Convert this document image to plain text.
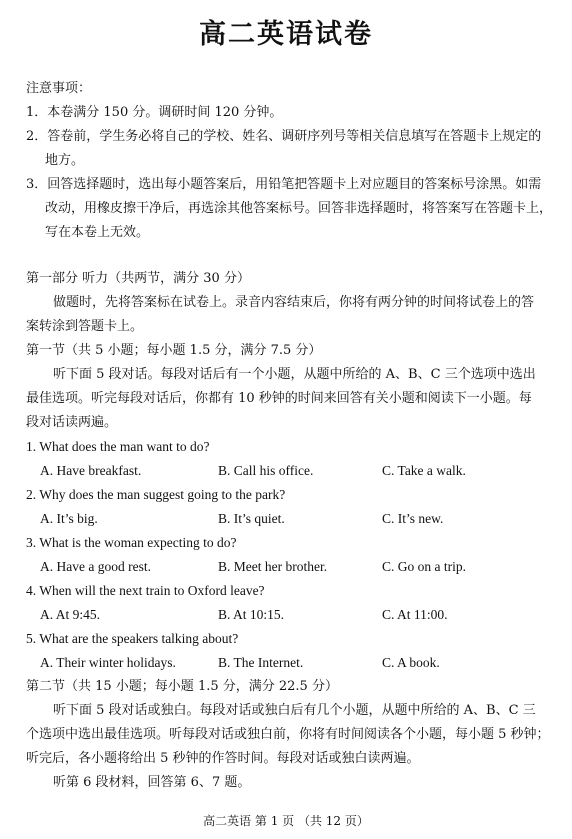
高二英语试卷
注意事项：
1．本卷满分 150 分。调研时间 120 分钟。
2．答卷前，学生务必将自己的学校、姓名、调研序列号等相关信息填写在答题卡上规定的
地方。
3．回答选择题时，选出每小题答案后，用铅笔把答题卡上对应题目的答案标号涂黑。如需
改动，用橡皮擦干净后，再选涂其他答案标号。回答非选择题时，将答案写在答题卡上，
写在本卷上无效。
第一部分 听力（共两节，满分 30 分）
做题时，先将答案标在试卷上。录音内容结束后，你将有两分钟的时间将试卷上的答
案转涂到答题卡上。
第一节（共 5 小题；每小题 1.5 分，满分 7.5 分）
听下面 5 段对话。每段对话后有一个小题，从题中所给的 A、B、C 三个选项中选出
最佳选项。听完每段对话后，你都有 10 秒钟的时间来回答有关小题和阅读下一小题。每
段对话读两遍。
1. What does the man want to do?
A. Have breakfast.	B. Call his office.	C. Take a walk.
2. Why does the man suggest going to the park?
A. It’s big.	B. It’s quiet.	C. It’s new.
3. What is the woman expecting to do?
A. Have a good rest.	B. Meet her brother.	C. Go on a trip.
4. When will the next train to Oxford leave?
A. At 9:45.	B. At 10:15.	C. At 11:00.
5. What are the speakers talking about?
A. Their winter holidays.	B. The Internet.	C. A book.
第二节（共 15 小题；每小题 1.5 分，满分 22.5 分）
听下面 5 段对话或独白。每段对话或独白后有几个小题，从题中所给的 A、B、C 三
个选项中选出最佳选项。听每段对话或独白前，你将有时间阅读各个小题，每小题 5 秒钟；
听完后，各小题将给出 5 秒钟的作答时间。每段对话或独白读两遍。
听第 6 段材料，回答第 6、7 题。
高二英语 第 1 页 （共 12 页）
